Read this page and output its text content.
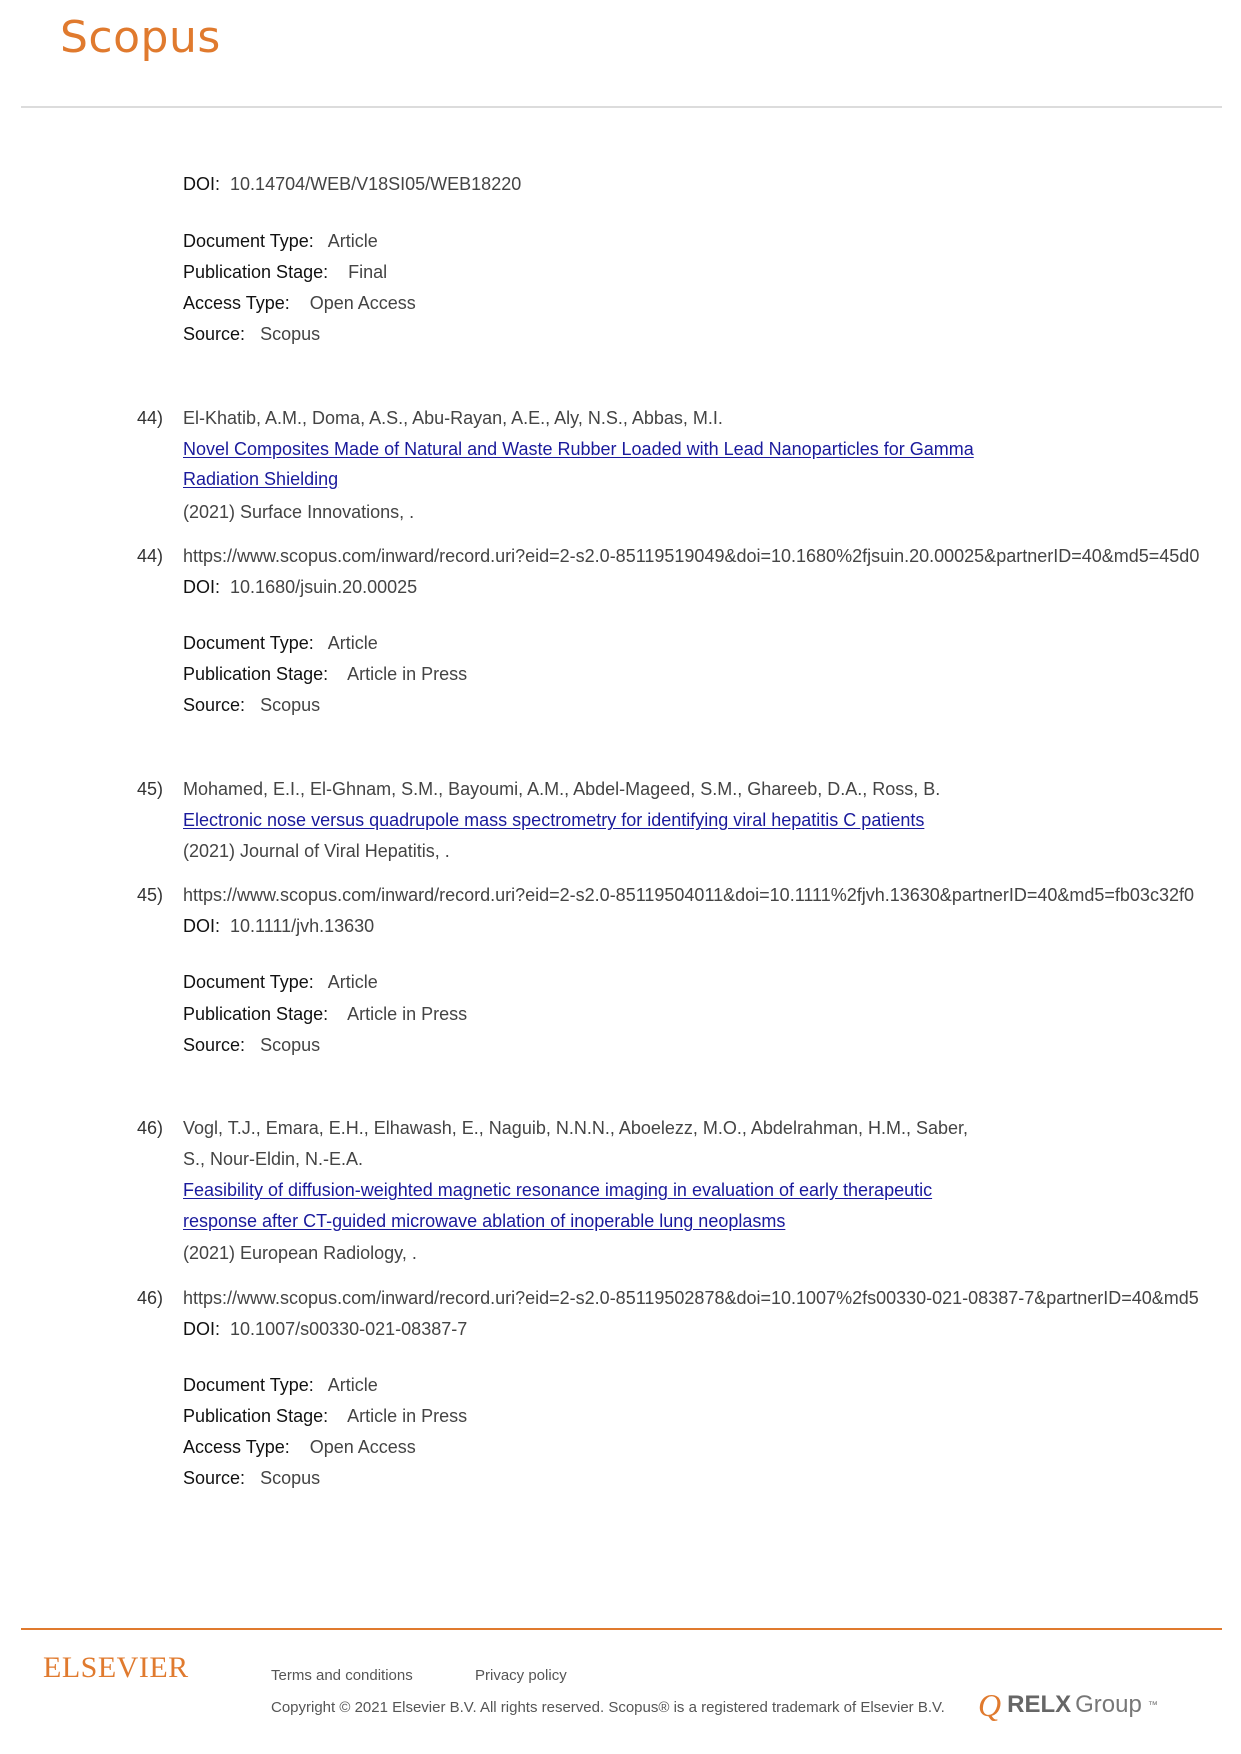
Scopus
DOI: 10.14704/WEB/V18SI05/WEB18220
Document Type: Article
Publication Stage: Final
Access Type: Open Access
Source: Scopus
44) El-Khatib, A.M., Doma, A.S., Abu-Rayan, A.E., Aly, N.S., Abbas, M.I.
Novel Composites Made of Natural and Waste Rubber Loaded with Lead Nanoparticles for Gamma
Radiation Shielding
(2021) Surface Innovations, .
44) https://www.scopus.com/inward/record.uri?eid=2-s2.0-85119519049&doi=10.1680%2fjsuin.20.00025&partnerID=40&md5=45d0
DOI: 10.1680/jsuin.20.00025
Document Type: Article
Publication Stage: Article in Press
Source: Scopus
45) Mohamed, E.I., El-Ghnam, S.M., Bayoumi, A.M., Abdel-Mageed, S.M., Ghareeb, D.A., Ross, B.
Electronic nose versus quadrupole mass spectrometry for identifying viral hepatitis C patients
(2021) Journal of Viral Hepatitis, .
45) https://www.scopus.com/inward/record.uri?eid=2-s2.0-85119504011&doi=10.1111%2fjvh.13630&partnerID=40&md5=fb03c32f0
DOI: 10.1111/jvh.13630
Document Type: Article
Publication Stage: Article in Press
Source: Scopus
46) Vogl, T.J., Emara, E.H., Elhawash, E., Naguib, N.N.N., Aboelezz, M.O., Abdelrahman, H.M., Saber,
S., Nour-Eldin, N.-E.A.
Feasibility of diffusion-weighted magnetic resonance imaging in evaluation of early therapeutic
response after CT-guided microwave ablation of inoperable lung neoplasms
(2021) European Radiology, .
46) https://www.scopus.com/inward/record.uri?eid=2-s2.0-85119502878&doi=10.1007%2fs00330-021-08387-7&partnerID=40&md5
DOI: 10.1007/s00330-021-08387-7
Document Type: Article
Publication Stage: Article in Press
Access Type: Open Access
Source: Scopus
ELSEVIER	Terms and conditions	Privacy policy
Copyright © 2021 Elsevier B.V. All rights reserved. Scopus® is a registered trademark of Elsevier B.V. Q RELX Group ™
